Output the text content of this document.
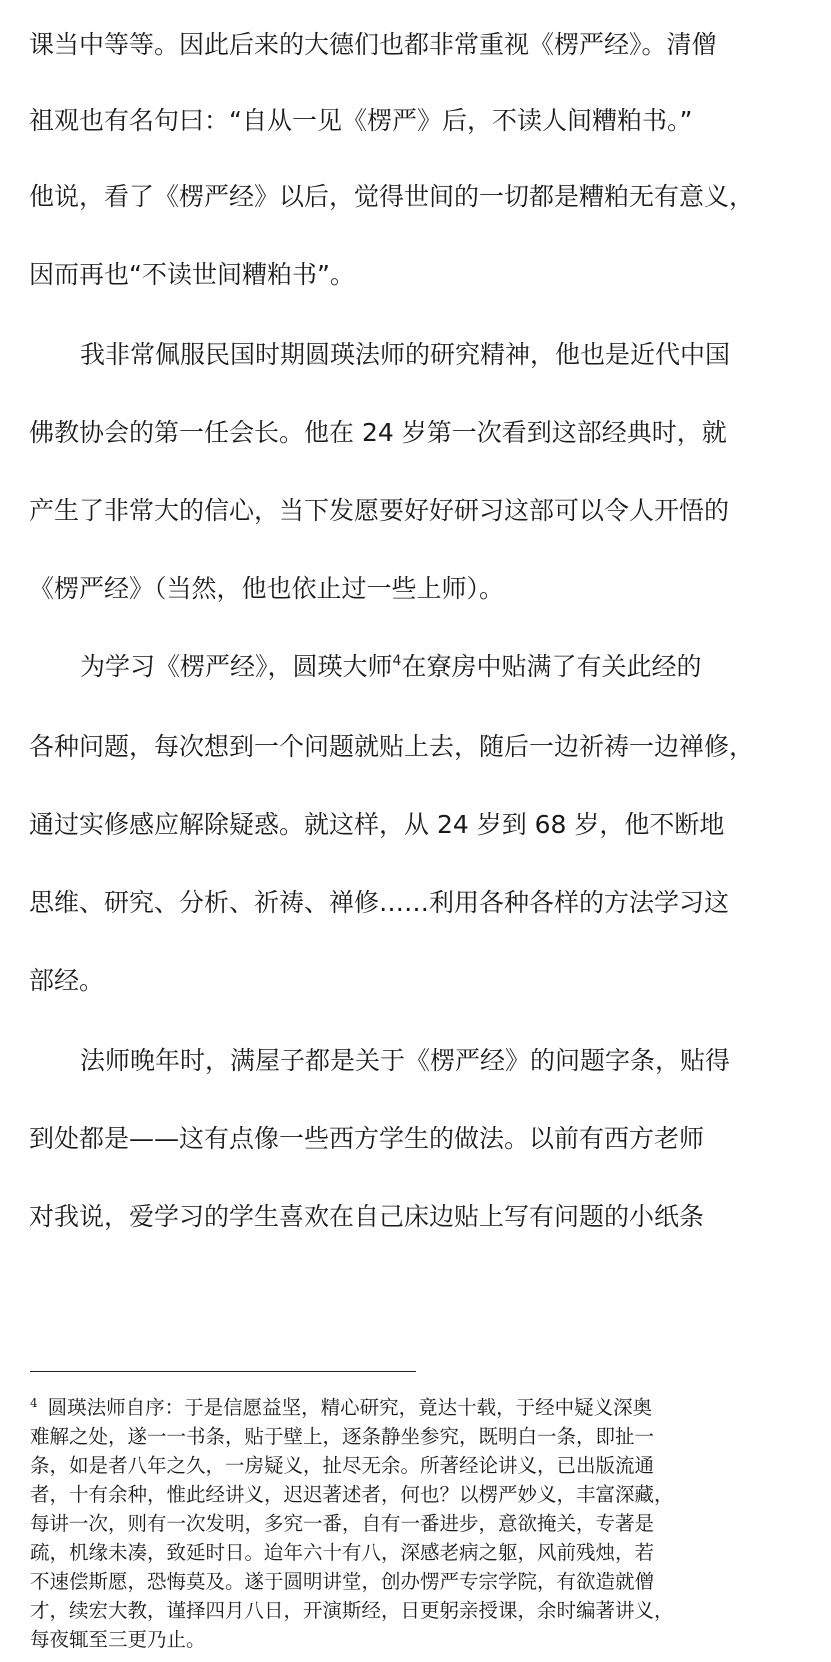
课当中等等。因此后来的大德们也都非常重视《楞严经》。清僧
祖观也有名句曰：“自从一见《楞严》后，不读人间糟粕书。”
他说，看了《楞严经》以后，觉得世间的一切都是糟粕无有意义，
因而再也“不读世间糟粕书”。
我非常佩服民国时期圆瑛法师的研究精神，他也是近代中国
佛教协会的第一任会长。他在 24 岁第一次看到这部经典时，就
产生了非常大的信心，当下发愿要好好研习这部可以令人开悟的
《楞严经》（当然，他也依止过一些上师）。
为学习《楞严经》，圆瑛大师$^4$在寮房中贴满了有关此经的
各种问题，每次想到一个问题就贴上去，随后一边祈祷一边禅修，
通过实修感应解除疑惑。就这样，从 24 岁到 68 岁，他不断地
思维、研究、分析、祈祷、禅修……利用各种各样的方法学习这
部经。
法师晚年时，满屋子都是关于《楞严经》的问题字条，贴得
到处都是——这有点像一些西方学生的做法。以前有西方老师
对我说，爱学习的学生喜欢在自己床边贴上写有问题的小纸条
$^4$ 圆瑛法师自序：于是信愿益坚，精心研究，竟达十载，于经中疑义深奥
难解之处，遂一一书条，贴于壁上，逐条静坐参究，既明白一条，即扯一
条，如是者八年之久，一房疑义，扯尽无余。所著经论讲义，已出版流通
者，十有余种，惟此经讲义，迟迟著述者，何也？以楞严妙义，丰富深藏，
每讲一次，则有一次发明，多究一番，自有一番进步，意欲掩关，专著是
疏，机缘未凑，致延时日。迨年六十有八，深感老病之躯，风前残烛，若
不速偿斯愿，恐悔莫及。遂于圆明讲堂，创办愣严专宗学院，有欲造就僧
才，续宏大教，谨择四月八日，开演斯经，日更躬亲授课，余时编著讲义，
每夜辄至三更乃止。
